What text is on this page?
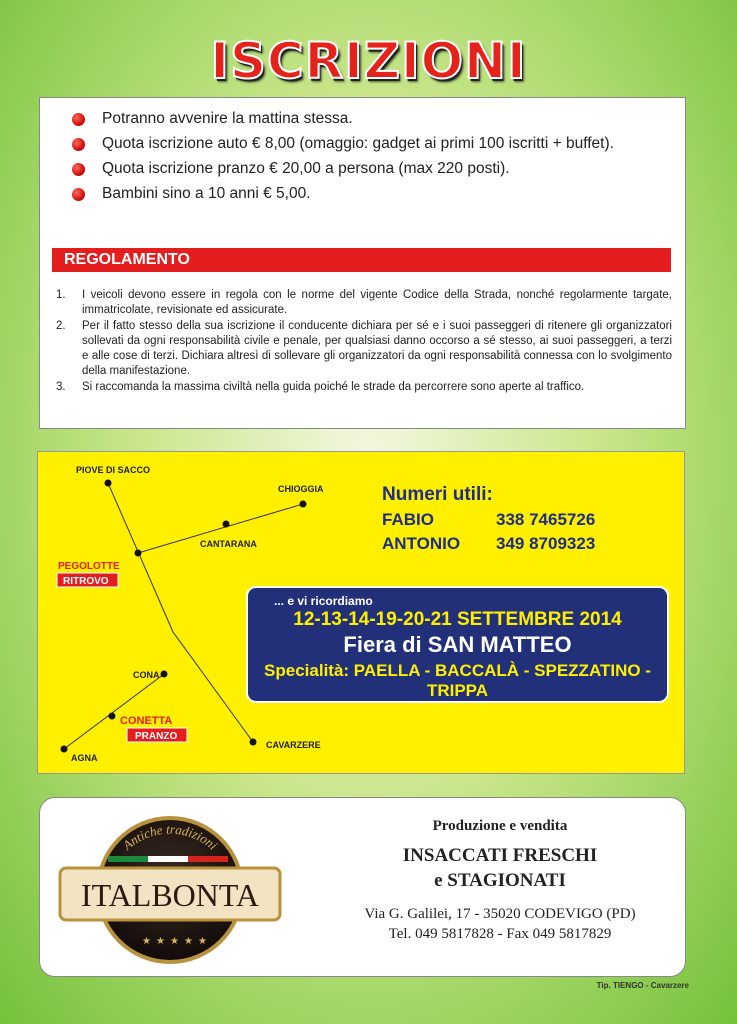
ISCRIZIONI
Potranno avvenire la mattina stessa.
Quota iscrizione auto € 8,00 (omaggio: gadget ai primi 100 iscritti + buffet).
Quota iscrizione pranzo € 20,00 a persona (max 220 posti).
Bambini sino a 10 anni € 5,00.
REGOLAMENTO
1. I veicoli devono essere in regola con le norme del vigente Codice della Strada, nonché regolarmente targate, immatricolate, revisionate ed assicurate.
2. Per il fatto stesso della sua iscrizione il conducente dichiara per sé e i suoi passeggeri di ritenere gli organizzatori sollevati da ogni responsabilità civile e penale, per qualsiasi danno occorso a sé stesso, ai suoi passeggeri, a terzi e alle cose di terzi. Dichiara altresì di sollevare gli organizzatori da ogni responsabilità connessa con lo svolgimento della manifestazione.
3. Si raccomanda la massima civiltà nella guida poiché le strade da percorrere sono aperte al traffico.
PIOVE DI SACCO
CHIOGGIA
CANTARANA
PEGOLOTTE
RITROVO
CONA
CONETTA
PRANZO
AGNA
CAVARZERE
Numeri utili:
FABIO	338 7465726
ANTONIO 349 8709323
... e vi ricordiamo
12-13-14-19-20-21 SETTEMBRE 2014
Fiera di SAN MATTEO
Specialità: PAELLA - BACCALÀ - SPEZZATINO - TRIPPA
Antiche tradizioni
ITALBONTA
★ ★ ★ ★ ★
Produzione e vendita
INSACCATI FRESCHI
e STAGIONATI
Via G. Galilei, 17 - 35020 CODEVIGO (PD)
Tel. 049 5817828 - Fax 049 5817829
Tip. TIENGO - Cavarzere
